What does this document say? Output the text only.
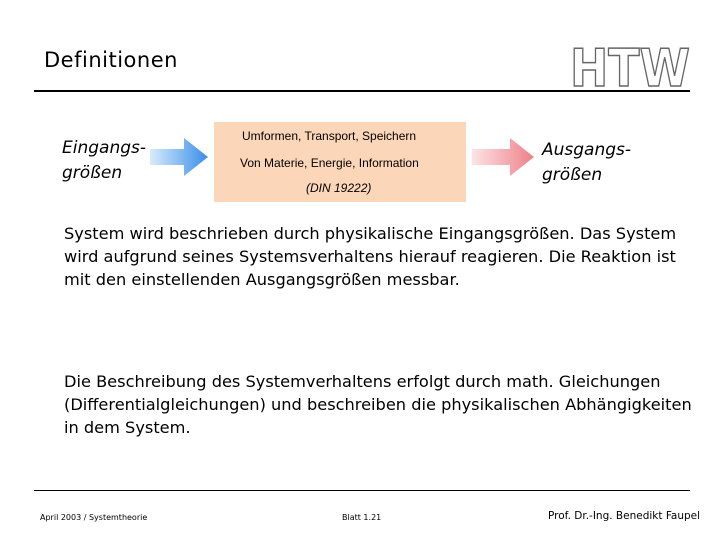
Definitionen	HTW
Eingangs-
größen
Umformen, Transport, Speichern
Von Materie, Energie, Information
(DIN 19222)
Ausgangs-
größen

System wird beschrieben durch physikalische Eingangsgrößen. Das System wird aufgrund seines Systemsverhaltens hierauf reagieren. Die Reaktion ist mit den einstellenden Ausgangsgrößen messbar.

Die Beschreibung des Systemverhaltens erfolgt durch math. Gleichungen (Differentialgleichungen) und beschreiben die physikalischen Abhängigkeiten in dem System.

April 2003 / Systemtheorie	Blatt 1.21	Prof. Dr.-Ing. Benedikt Faupel
